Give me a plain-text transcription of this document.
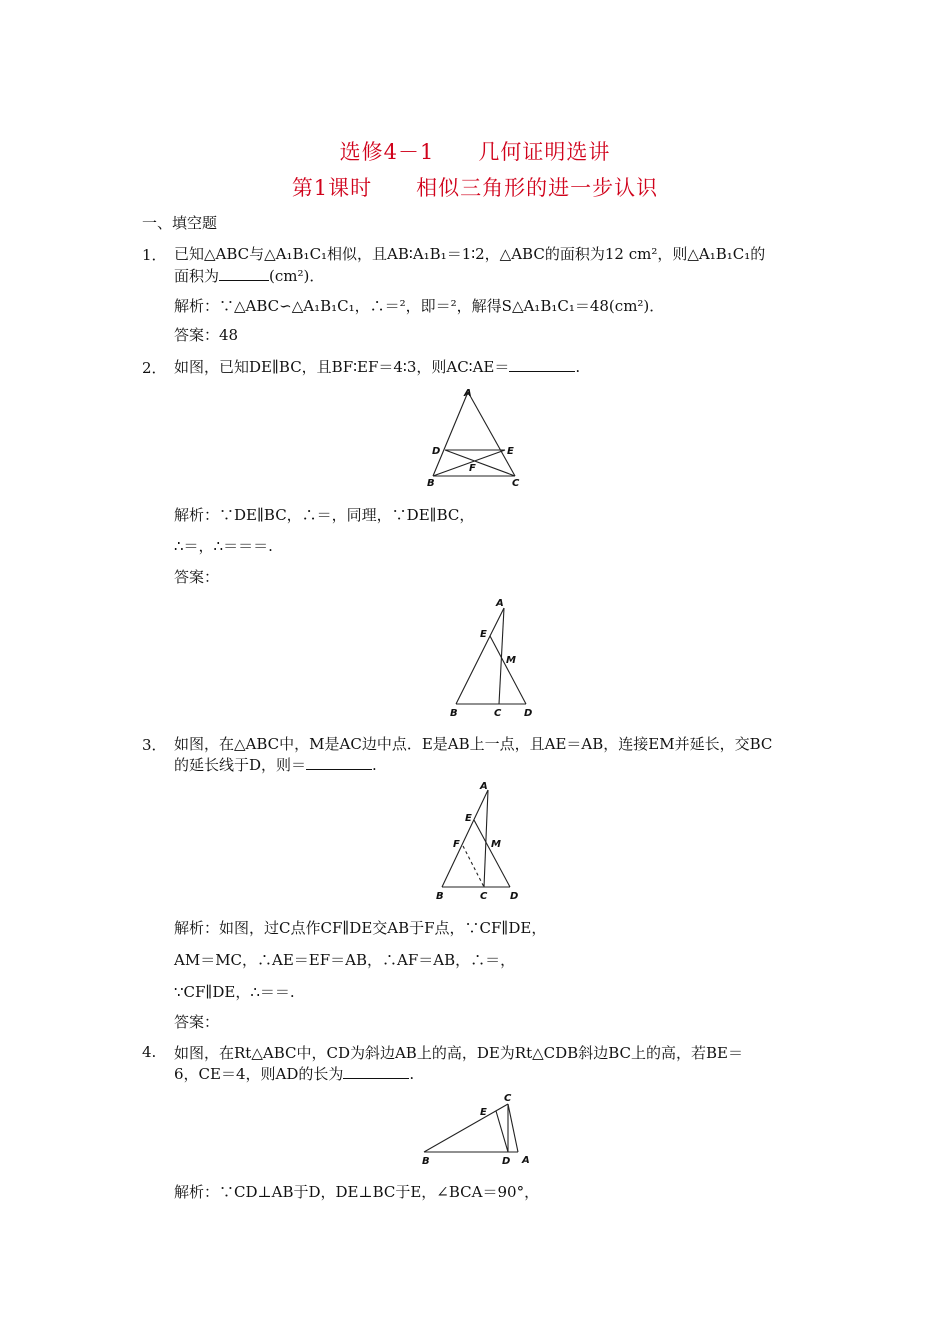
选修4－1　　几何证明选讲
第1课时　　相似三角形的进一步认识
一、填空题
1． 已知△ABC与△A₁B₁C₁相似，且AB∶A₁B₁＝1∶2，△ABC的面积为12 cm²，则△A₁B₁C₁的
面积为	(cm²)．
解析：∵△ABC∽△A₁B₁C₁，∴＝²，即＝²，解得S△A₁B₁C₁＝48(cm²)．
答案：48
2． 如图，已知DE∥BC，且BF∶EF＝4∶3，则AC∶AE＝	.
A
D	E
F
B	C
解析：∵DE∥BC，∴＝，同理，∵DE∥BC，
∴＝，∴＝＝＝.
答案：
A
E
M
B	C D
3． 如图，在△ABC中，M是AC边中点．E是AB上一点，且AE＝AB，连接EM并延长，交BC
的延长线于D，则＝	.
A
E
F	M
B	C D
解析：如图，过C点作CF∥DE交AB于F点，∵CF∥DE，
AM＝MC，∴AE＝EF＝AB，∴AF＝AB，∴＝，
∵CF∥DE，∴＝＝.
答案：
4. 如图，在Rt△ABC中，CD为斜边AB上的高，DE为Rt△CDB斜边BC上的高，若BE＝
6，CE＝4，则AD的长为	.
C
E
B	D A
解析：∵CD⊥AB于D，DE⊥BC于E，∠BCA＝90°，
